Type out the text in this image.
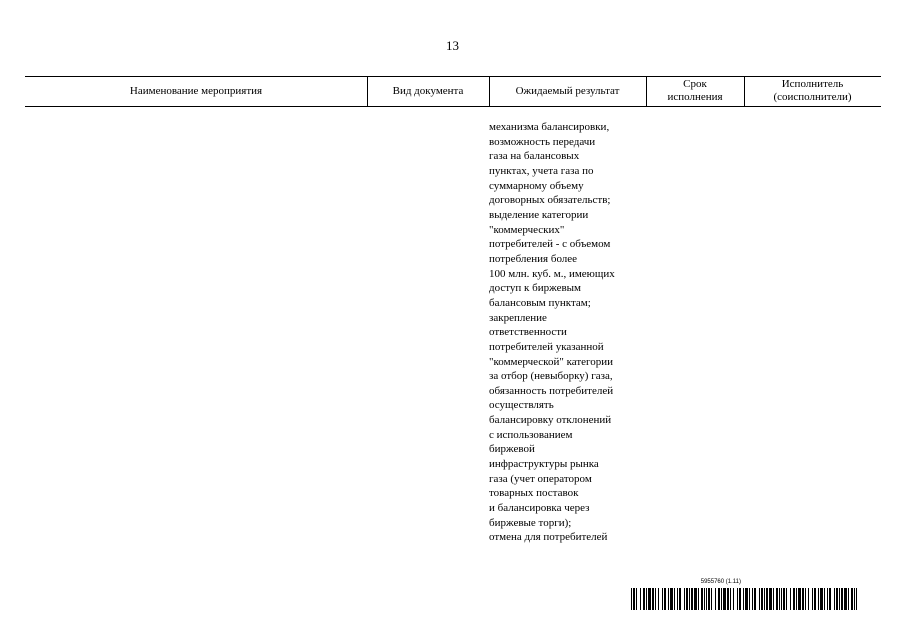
13
Наименование мероприятия	Вид документа	Ожидаемый результат
Срок
исполнения
Исполнитель
(соисполнители)
механизма балансировки,
возможность передачи
газа на балансовых
пунктах, учета газа по
суммарному объему
договорных обязательств;
выделение категории
"коммерческих"
потребителей - с объемом
потребления более
100 млн. куб. м., имеющих
доступ к биржевым
балансовым пунктам;
закрепление
ответственности
потребителей указанной
"коммерческой" категории
за отбор (невыборку) газа,
обязанность потребителей
осуществлять
балансировку отклонений
с использованием
биржевой
инфраструктуры рынка
газа (учет оператором
товарных поставок
и балансировка через
биржевые торги);
отмена для потребителей
5955760 (1.11)
